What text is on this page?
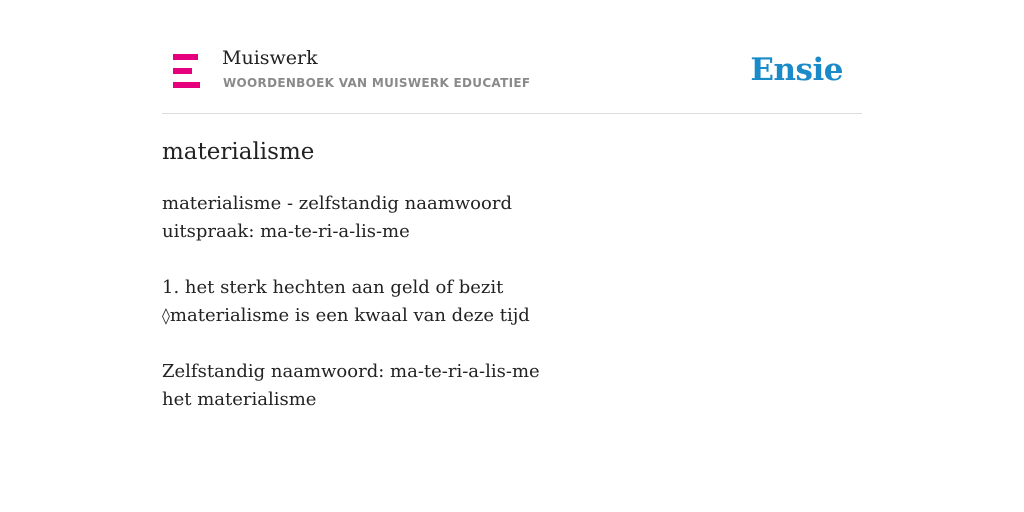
Muiswerk
WOORDENBOEK VAN MUISWERK EDUCATIEF	Ensie
materialisme
materialisme - zelfstandig naamwoord
uitspraak: ma-te-ri-a-lis-me
1. het sterk hechten aan geld of bezit
◊materialisme is een kwaal van deze tijd
Zelfstandig naamwoord: ma-te-ri-a-lis-me
het materialisme
